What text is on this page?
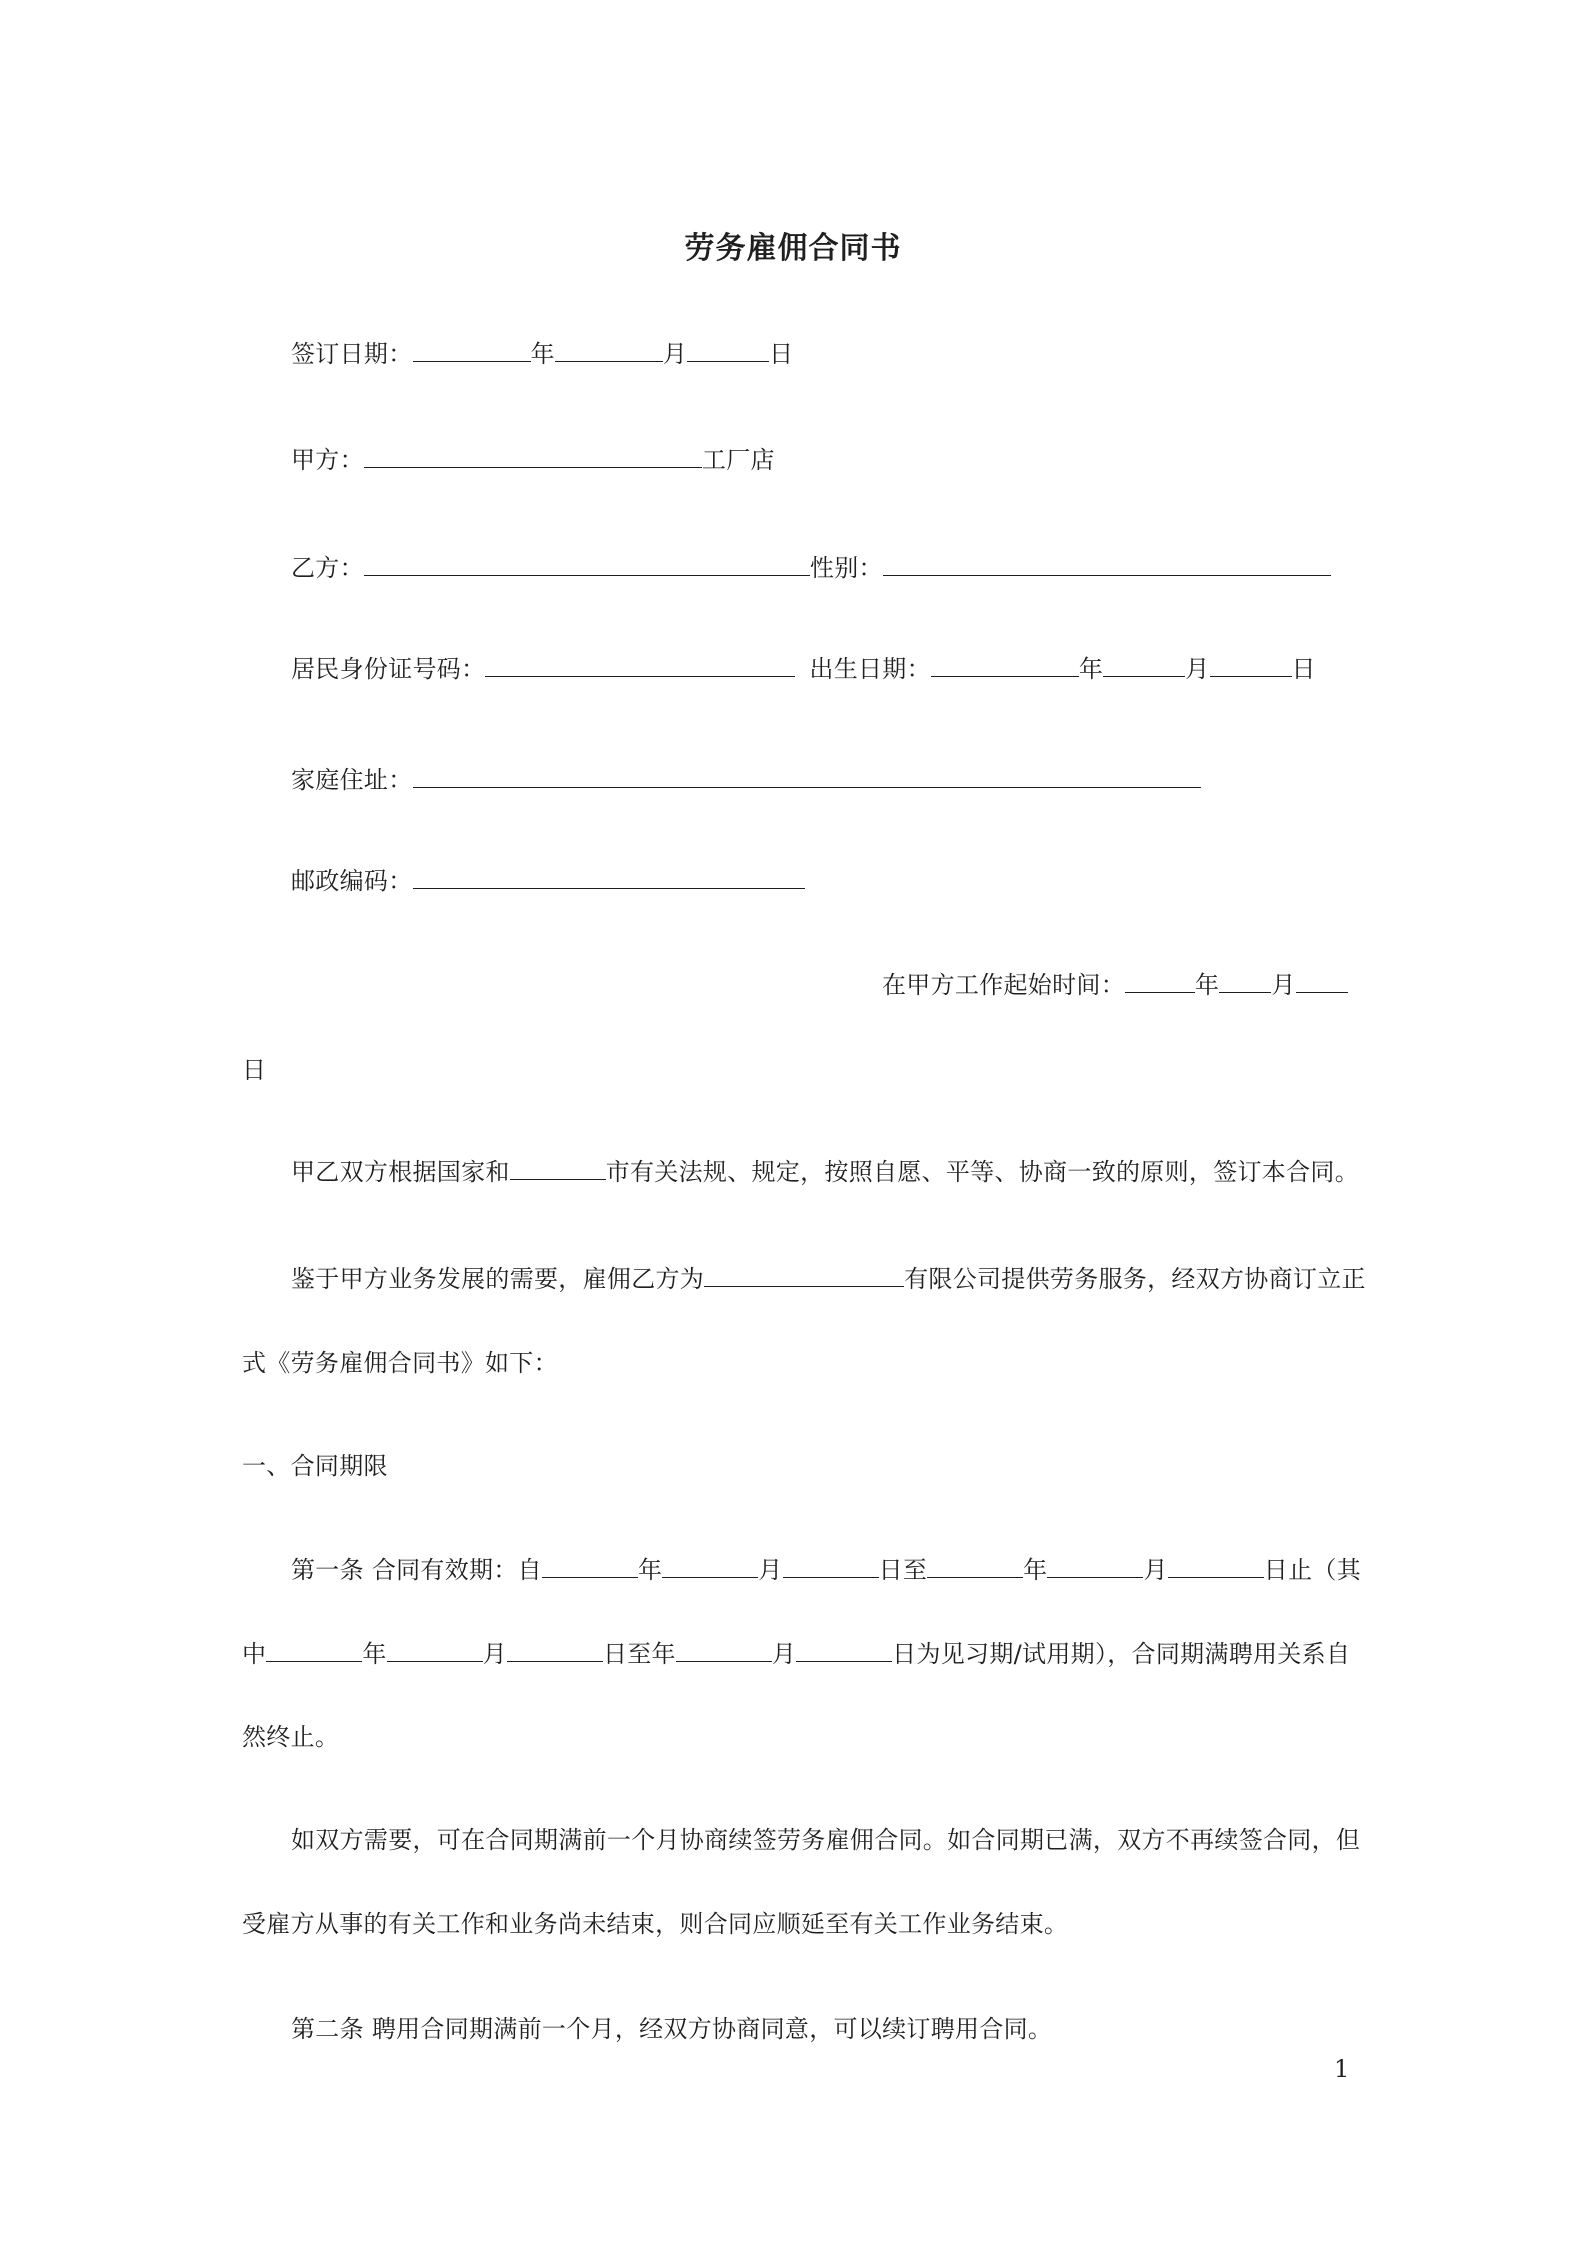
劳务雇佣合同书
签订日期：	年	月	日
甲方：	工厂店
乙方：	性别：
居民身份证号码：	出生日期：	年	月	日
家庭住址：
邮政编码：
在甲方工作起始时间：	年 月
日
甲乙双方根据国家和	市有关法规、规定，按照自愿、平等、协商一致的原则，签订本合同。
鉴于甲方业务发展的需要，雇佣乙方为	有限公司提供劳务服务，经双方协商订立正
式《劳务雇佣合同书》如下：
一、合同期限
第一条 合同有效期：自	年	月	日至	年	月	日止（其
中	年	月	日至年	月	日为见习期/试用期），合同期满聘用关系自
然终止。
如双方需要，可在合同期满前一个月协商续签劳务雇佣合同。如合同期已满，双方不再续签合同，但
受雇方从事的有关工作和业务尚未结束，则合同应顺延至有关工作业务结束。
第二条 聘用合同期满前一个月，经双方协商同意，可以续订聘用合同。
1
